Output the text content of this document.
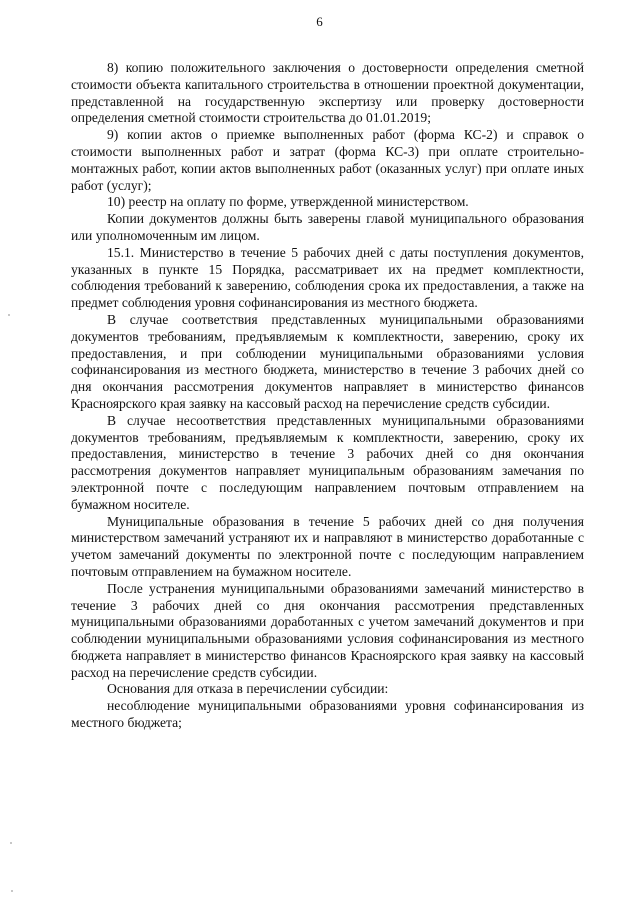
6

8) копию положительного заключения о достоверности определения сметной стоимости объекта капитального строительства в отношении проектной документации, представленной на государственную экспертизу или проверку достоверности определения сметной стоимости строительства до 01.01.2019;

9) копии актов о приемке выполненных работ (форма КС-2) и справок о стоимости выполненных работ и затрат (форма КС-3) при оплате строительно-монтажных работ, копии актов выполненных работ (оказанных услуг) при оплате иных работ (услуг);

10) реестр на оплату по форме, утвержденной министерством.

Копии документов должны быть заверены главой муниципального образования или уполномоченным им лицом.

15.1. Министерство в течение 5 рабочих дней с даты поступления документов, указанных в пункте 15 Порядка, рассматривает их на предмет комплектности, соблюдения требований к заверению, соблюдения срока их предоставления, а также на предмет соблюдения уровня софинансирования из местного бюджета.

В случае соответствия представленных муниципальными образованиями документов требованиям, предъявляемым к комплектности, заверению, сроку их предоставления, и при соблюдении муниципальными образованиями условия софинансирования из местного бюджета, министерство в течение 3 рабочих дней со дня окончания рассмотрения документов направляет в министерство финансов Красноярского края заявку на кассовый расход на перечисление средств субсидии.

В случае несоответствия представленных муниципальными образованиями документов требованиям, предъявляемым к комплектности, заверению, сроку их предоставления, министерство в течение 3 рабочих дней со дня окончания рассмотрения документов направляет муниципальным образованиям замечания по электронной почте с последующим направлением почтовым отправлением на бумажном носителе.

Муниципальные образования в течение 5 рабочих дней со дня получения министерством замечаний устраняют их и направляют в министерство доработанные с учетом замечаний документы по электронной почте с последующим направлением почтовым отправлением на бумажном носителе.

После устранения муниципальными образованиями замечаний министерство в течение 3 рабочих дней со дня окончания рассмотрения представленных муниципальными образованиями доработанных с учетом замечаний документов и при соблюдении муниципальными образованиями условия софинансирования из местного бюджета направляет в министерство финансов Красноярского края заявку на кассовый расход на перечисление средств субсидии.

Основания для отказа в перечислении субсидии:

несоблюдение муниципальными образованиями уровня софинансирования из местного бюджета;
